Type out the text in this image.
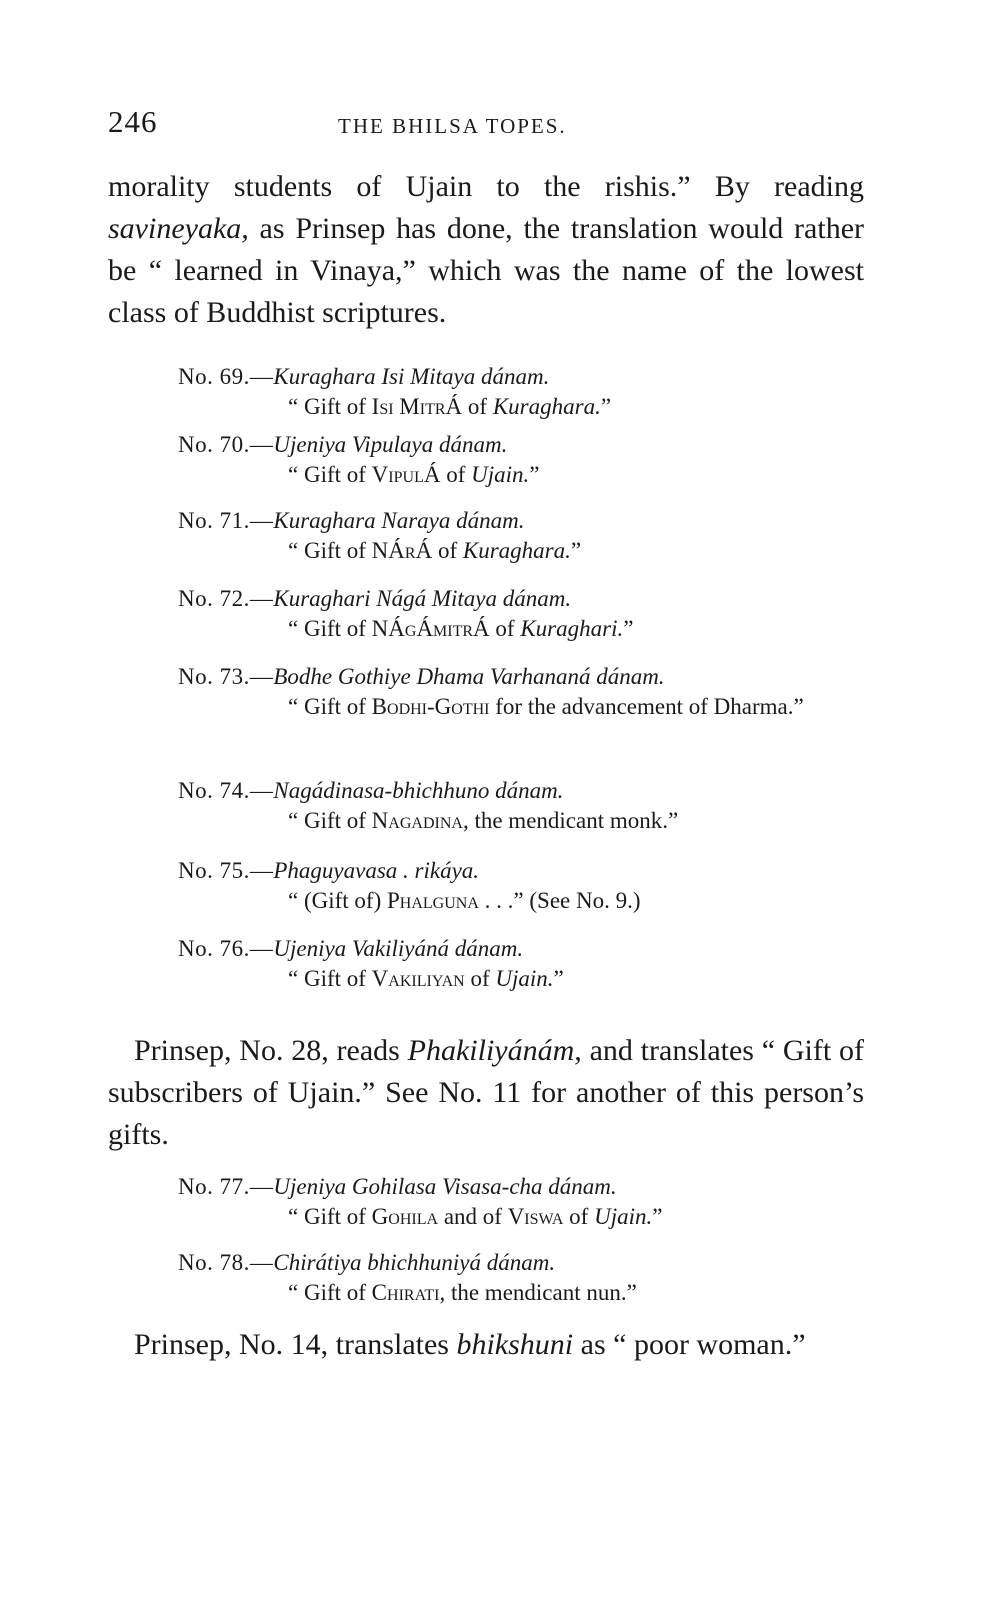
246	THE BHILSA TOPES.

morality students of Ujain to the rishis.” By reading savineyaka, as Prinsep has done, the translation would rather be “ learned in Vinaya,” which was the name of the lowest class of Buddhist scriptures.

No. 69.—Kuraghara Isi Mitaya dánam.
“ Gift of Isi MitrÁ of Kuraghara.”
No. 70.—Ujeniya Vipulaya dánam.
“ Gift of VipulÁ of Ujain.”
No. 71.—Kuraghara Naraya dánam.
“ Gift of NÁrÁ of Kuraghara.”
No. 72.—Kuraghari Nágá Mitaya dánam.
“ Gift of NÁgÁmitrÁ of Kuraghari.”
No. 73.—Bodhe Gothiye Dhama Varhananá dánam.
“ Gift of Bodhi-Gothi for the advancement of Dharma.”
No. 74.—Nagádinasa-bhichhuno dánam.
“ Gift of Nagadina, the mendicant monk.”
No. 75.—Phaguyavasa . rikáya.
“ (Gift of) Phalguna . . .” (See No. 9.)
No. 76.—Ujeniya Vakiliyáná dánam.
“ Gift of Vakiliyan of Ujain.”

Prinsep, No. 28, reads Phakiliyánám, and translates “ Gift of subscribers of Ujain.” See No. 11 for another of this person’s gifts.

No. 77.—Ujeniya Gohilasa Visasa-cha dánam.
“ Gift of Gohila and of Viswa of Ujain.”
No. 78.—Chirátiya bhichhuniyá dánam.
“ Gift of Chirati, the mendicant nun.”

Prinsep, No. 14, translates bhikshuni as “ poor woman.”
